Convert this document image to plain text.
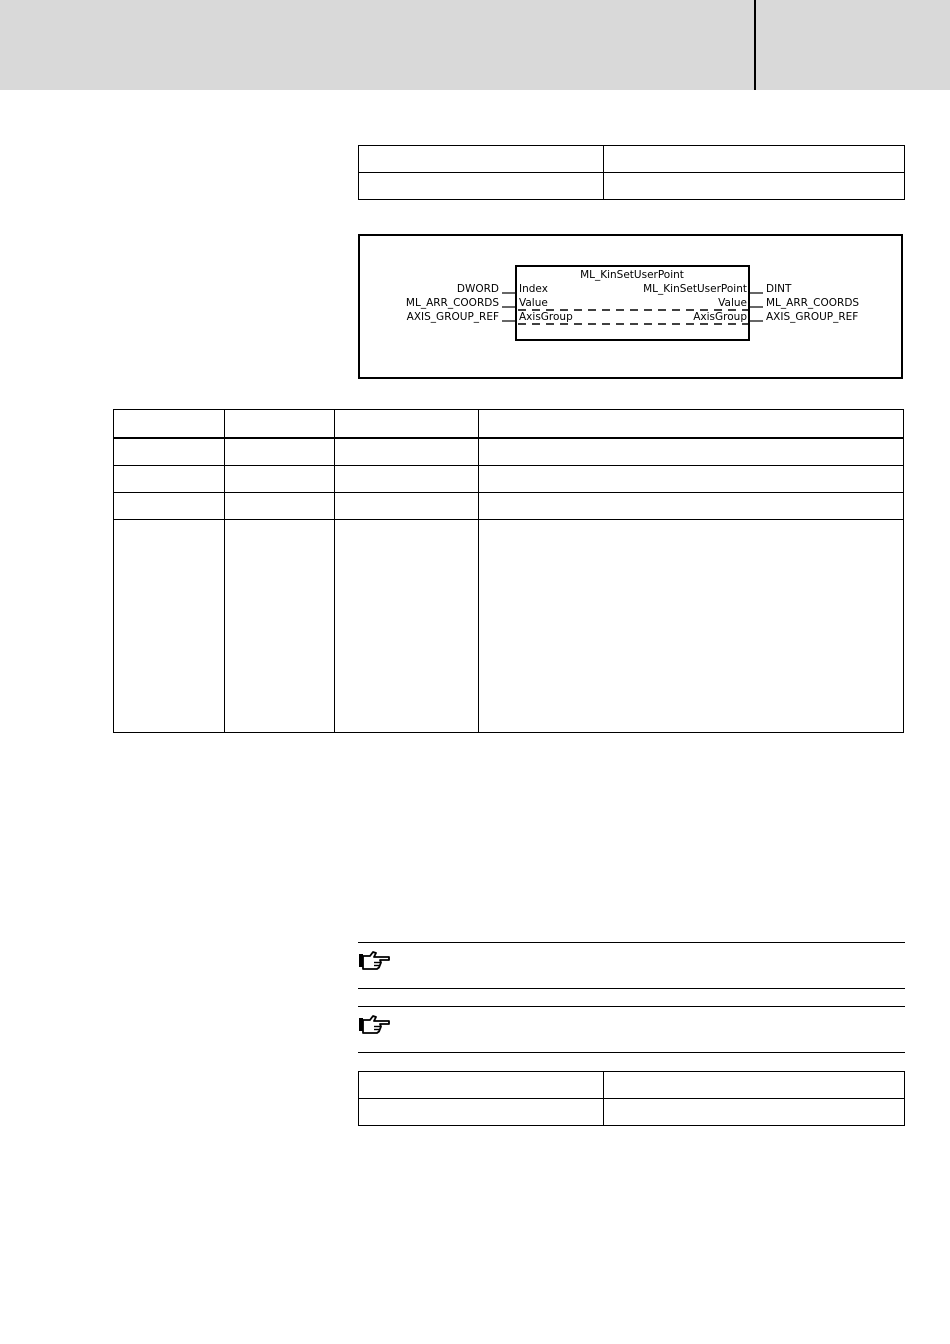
ML_KinSetUserPoint
DWORD Index
ML_ARR_COORDS Value
AXIS_GROUP_REF AxisGroup
ML_KinSetUserPoint DINT
Value ML_ARR_COORDS
AxisGroup AXIS_GROUP_REF
